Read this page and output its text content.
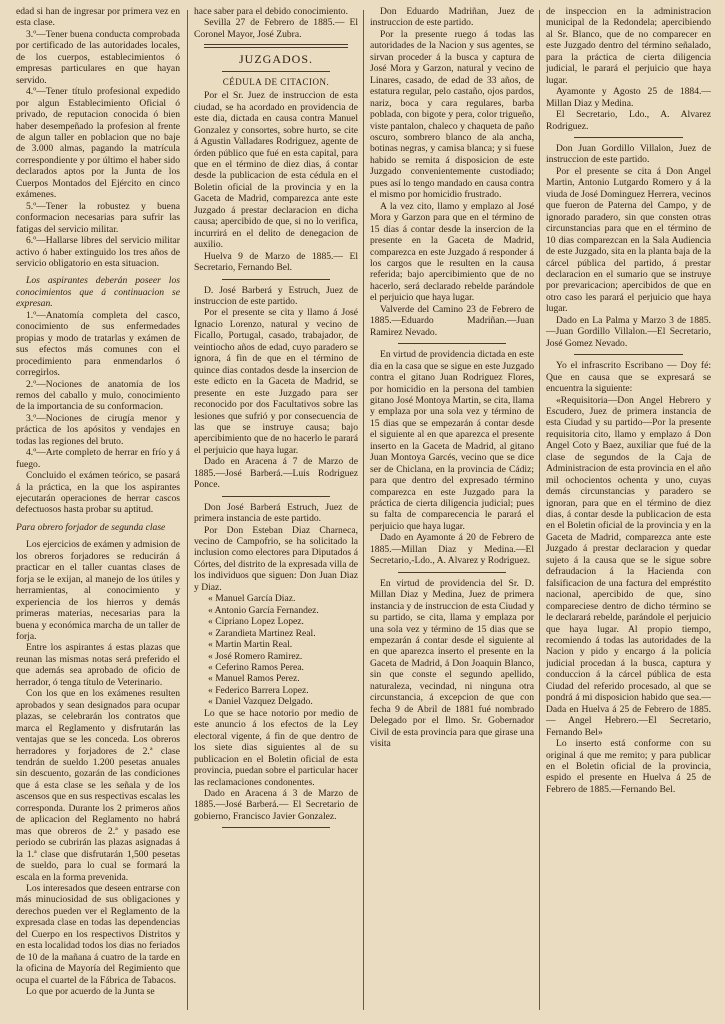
edad si han de ingresar por primera vez en esta clase.

3.º—Tener buena conducta comprobada por certificado de las autoridades locales, de los cuerpos, establecimientos ó empresas particulares en que hayan servido.

4.º—Tener título profesional expedido por algun Establecimiento Oficial ó privado, de reputacion conocida ó bien haber desempeñado la profesion al frente de algun taller en poblacion que no baje de 3.000 almas, pagando la matrícula correspondiente y por último el haber sido declarados aptos por la Junta de los Cuerpos Montados del Ejército en cinco exámenes.

5.º—Tener la robustez y buena conformacion necesarias para sufrir las fatigas del servicio militar.

6.º—Hallarse libres del servicio militar activo ó haber extinguido los tres años de servicio obligatorio en esta situacion.

Los aspirantes deberán poseer los conocimientos que á continuacion se expresan.

1.º—Anatomía completa del casco, conocimiento de sus enfermedades propias y modo de tratarlas y exámen de sus efectos más comunes con el procedimiento para enmendarlos ó corregirlos.

2.º—Nociones de anatomía de los remos del caballo y mulo, conocimiento de la importancia de su conformacion.

3.º—Nociones de cirugía menor y práctica de los apósitos y vendajes en todas las regiones del bruto.

4.º—Arte completo de herrar en frío y á fuego.

Concluido el exámen teórico, se pasará á la práctica, en la que los aspirantes ejecutarán operaciones de herrar cascos defectuosos hasta probar su aptitud.

Para obrero forjador de segunda clase

Los ejercicios de exámen y admision de los obreros forjadores se reducirán á practicar en el taller cuantas clases de forja se le exijan, al manejo de los útiles y herramientas, al conocimiento y experiencia de los hierros y demás primeras materias, necesarias para la buena y económica marcha de un taller de forja.

Entre los aspirantes á estas plazas que reunan las mismas notas será preferido el que además sea aprobado de oficio de herrador, ó tenga título de Veterinario.

Con los que en los exámenes resulten aprobados y sean designados para ocupar plazas, se celebrarán los contratos que marca el Reglamento y disfrutarán las ventajas que se les conceda. Los obreros herradores y forjadores de 2.ª clase tendrán de sueldo 1.200 pesetas anuales sin descuento, gozarán de las condiciones que á esta clase se les señala y de los ascensos que en sus respectivas escalas les corresponda. Durante los 2 primeros años de aplicacion del Reglamento no habrá mas que obreros de 2.ª y pasado ese periodo se cubrirán las plazas asignadas á la 1.ª clase que disfrutarán 1,500 pesetas de sueldo, para lo cual se formará la escala en la forma prevenida.

Los interesados que deseen entrarse con más minuciosidad de sus obligaciones y derechos pueden ver el Reglamento de la expresada clase en todas las dependencias del Cuerpo en los respectivos Distritos y en esta localidad todos los dias no feriados de 10 de la mañana á cuatro de la tarde en la oficina de Mayoría del Regimiento que ocupa el cuartel de la Fábrica de Tabacos.

Lo que por acuerdo de la Junta se

hace saber para el debido conocimiento.

Sevilla 27 de Febrero de 1885.— El Coronel Mayor, José Zubra.

JUZGADOS.
CÉDULA DE CITACION.

Por el Sr. Juez de instruccion de esta ciudad, se ha acordado en providencia de este dia, dictada en causa contra Manuel Gonzalez y consortes, sobre hurto, se cite á Agustin Valladares Rodriguez, agente de órden público que fué en esta capital, para que en el término de diez dias, á contar desde la publicacion de esta cédula en el Boletin oficial de la provincia y en la Gaceta de Madrid, comparezca ante este Juzgado á prestar declaracion en dicha causa; apercibido de que, si no lo verifica, incurrirá en el delito de denegacion de auxilio.

Huelva 9 de Marzo de 1885.— El Secretario, Fernando Bel.

D. José Barberá y Estruch, Juez de instruccion de este partido.

Por el presente se cita y llamo á José Ignacio Lorenzo, natural y vecino de Ficallo, Portugal, casado, trabajador, de veintiocho años de edad, cuyo paradero se ignora, á fin de que en el término de quince dias contados desde la insercion de este edicto en la Gaceta de Madrid, se presente en este Juzgado para ser reconocido por dos Facultativos sobre las lesiones que sufrió y por consecuencia de las que se instruye causa; bajo apercibimiento que de no hacerlo le parará el perjuicio que haya lugar.

Dado en Aracena á 7 de Marzo de 1885.—José Barberá.—Luis Rodriguez Ponce.

Don José Barberá Estruch, Juez de primera instancia de este partido.

Por Don Esteban Diaz Charneca, vecino de Campofrio, se ha solicitado la inclusion como electores para Diputados á Córtes, del distrito de la expresada villa de los individuos que siguen: Don Juan Diaz y Diaz.

« Manuel García Diaz.

« Antonio García Fernandez.

« Cipriano Lopez Lopez.

« Zarandieta Martinez Real.

« Martin Martin Real.

« José Romero Ramirez.

« Ceferino Ramos Perea.

« Manuel Ramos Perez.

« Federico Barrera Lopez.

« Daniel Vazquez Delgado.

Lo que se hace notorio por medio de este anuncio á los efectos de la Ley electoral vigente, á fin de que dentro de los siete dias siguientes al de su publicacion en el Boletin oficial de esta provincia, puedan sobre el particular hacer las reclamaciones condonentes.

Dado en Aracena á 3 de Marzo de 1885.—José Barberá.— El Secretario de gobierno, Francisco Javier Gonzalez.

Don Eduardo Madriñan, Juez de instruccion de este partido.

Por la presente ruego á todas las autoridades de la Nacion y sus agentes, se sirvan proceder á la busca y captura de José Mora y Garzon, natural y vecino de Linares, casado, de edad de 33 años, de estatura regular, pelo castaño, ojos pardos, nariz, boca y cara regulares, barba poblada, con bigote y pera, color trigueño, viste pantalon, chaleco y chaqueta de paño oscuro, sombrero blanco de ala ancha, botinas negras, y camisa blanca; y si fuese habido se remita á disposicion de este Juzgado convenientemente custodiado; pues así lo tengo mandado en causa contra el mismo por homicidio frustrado.

A la vez cito, llamo y emplazo al José Mora y Garzon para que en el término de 15 dias á contar desde la insercion de la presente en la Gaceta de Madrid, comparezca en este Juzgado á responder á los cargos que le resulten en la causa referida; bajo apercibimiento que de no hacerlo, será declarado rebelde parándole el perjuicio que haya lugar.

Valverde del Camino 23 de Febrero de 1885.—Eduardo Madriñan.—Juan Ramirez Nevado.

En virtud de providencia dictada en este dia en la casa que se sigue en este Juzgado contra el gitano Juan Rodriguez Flores, por homicidio en la persona del tambien gitano José Montoya Martin, se cita, llama y emplaza por una sola vez y término de 15 dias que se empezarán á contar desde el siguiente al en que aparezca el presente inserto en la Gaceta de Madrid, al gitano Juan Montoya Garcés, vecino que se dice ser de Chiclana, en la provincia de Cádiz; para que dentro del expresado término comparezca en este Juzgado para la práctica de cierta diligencia judicial; pues su falta de comparecencia le parará el perjuicio que haya lugar.

Dado en Ayamonte á 20 de Febrero de 1885.—Millan Diaz y Medina.—El Secretario,-Ldo., A. Alvarez y Rodriguez.

En virtud de providencia del Sr. D. Millan Diaz y Medina, Juez de primera instancia y de instruccion de esta Ciudad y su partido, se cita, llama y emplaza por una sola vez y término de 15 dias que se empezarán á contar desde el siguiente al en que aparezca inserto el presente en la Gaceta de Madrid, á Don Joaquin Blanco, sin que conste el segundo apellido, naturaleza, vecindad, ni ninguna otra circunstancia, á excepcion de que con fecha 9 de Abril de 1881 fué nombrado Delegado por el Ilmo. Sr. Gobernador Civil de esta provincia para que girase una visita

de inspeccion en la administracion municipal de la Redondela; apercibiendo al Sr. Blanco, que de no comparecer en este Juzgado dentro del término señalado, para la práctica de cierta diligencia judicial, le parará el perjuicio que haya lugar.

Ayamonte y Agosto 25 de 1884.—Millan Diaz y Medina.

El Secretario, Ldo., A. Alvarez Rodriguez.

Don Juan Gordillo Villalon, Juez de instruccion de este partido.

Por el presente se cita á Don Angel Martin, Antonio Lutgardo Romero y á la viuda de José Dominguez Herrera, vecinos que fueron de Paterna del Campo, y de ignorado paradero, sin que consten otras circunstancias para que en el término de 10 dias comparezcan en la Sala Audiencia de este Juzgado, sita en la planta baja de la cárcel pública del partido, á prestar declaracion en el sumario que se instruye por prevaricacion; apercibidos de que en otro caso les parará el perjuicio que haya lugar.

Dado en La Palma y Marzo 3 de 1885.—Juan Gordillo Villalon.—El Secretario, José Gomez Nevado.

Yo el infrascrito Escribano — Doy fé: Que en causa que se expresará se encuentra la siguiente:

«Requisitoria—Don Angel Hebrero y Escudero, Juez de primera instancia de esta Ciudad y su partido—Por la presente requisitoria cito, llamo y emplazo á Don Angel Coto y Baez, auxiliar que fué de la clase de segundos de la Caja de Administracion de esta provincia en el año mil ochocientos ochenta y uno, cuyas demás circunstancias y paradero se ignoran, para que en el término de diez dias, á contar desde la publicacion de esta en el Boletin oficial de la provincia y en la Gaceta de Madrid, comparezca ante este Juzgado á prestar declaracion y quedar sujeto á la causa que se le sigue sobre defraudacion á la Hacienda con falsificacion de una factura del empréstito nacional, apercibido de que, sino compareciese dentro de dicho término se le declarará rebelde, parándole el perjuicio que haya lugar. Al propio tiempo, recomiendo á todas las autoridades de la Nacion y pido y encargo á la policía judicial procedan á la busca, captura y conduccion á la cárcel pública de esta Ciudad del referido procesado, al que se pondrá á mi disposicion habido que sea.—Dada en Huelva á 25 de Febrero de 1885.— Angel Hebrero.—El Secretario, Fernando Bel»

Lo inserto está conforme con su original á que me remito; y para publicar en el Boletin oficial de la provincia, espido el presente en Huelva á 25 de Febrero de 1885.—Fernando Bel.
